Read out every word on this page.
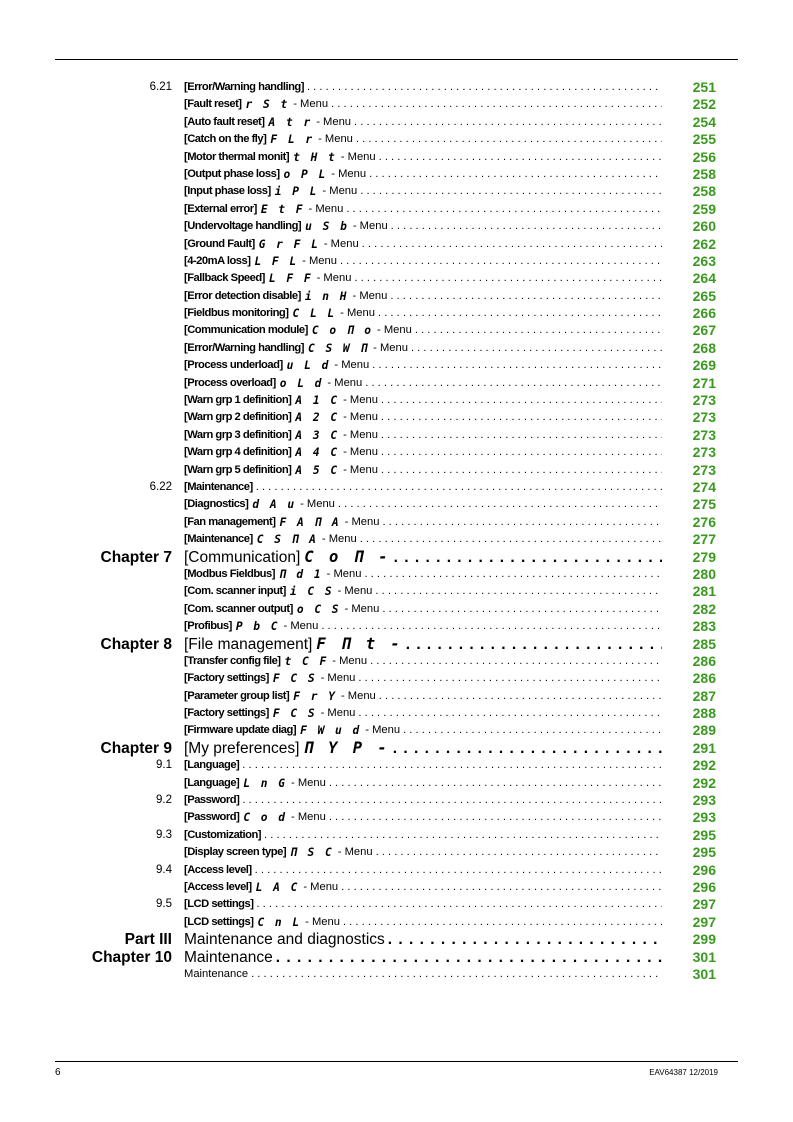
6.21 [Error/Warning handling] . . .	251
[Fault reset] r S t - Menu . . .	252
[Auto fault reset] A t r - Menu . . .	254
[Catch on the fly] F L r - Menu . . .	255
[Motor thermal monit] t H t - Menu . . .	256
[Output phase loss] o P L - Menu . . .	258
[Input phase loss] i P L - Menu . . .	258
[External error] E t F - Menu . . .	259
[Undervoltage handling] u S b - Menu . . .	260
[Ground Fault] G r F L - Menu . . .	262
[4-20mA loss] L F L - Menu . . .	263
[Fallback Speed] L F F - Menu . . .	264
[Error detection disable] i n H - Menu . . .	265
[Fieldbus monitoring] C L L - Menu . . .	266
[Communication module] C o П o - Menu . . .	267
[Error/Warning handling] C S W П - Menu . . .	268
[Process underload] u L d - Menu . . .	269
[Process overload] o L d - Menu . . .	271
[Warn grp 1 definition] A 1 C - Menu . . .	273
[Warn grp 2 definition] A 2 C - Menu . . .	273
[Warn grp 3 definition] A 3 C - Menu . . .	273
[Warn grp 4 definition] A 4 C - Menu . . .	273
[Warn grp 5 definition] A 5 C - Menu . . .	273
6.22 [Maintenance] . . .	274
[Diagnostics] d A u - Menu . . .	275
[Fan management] F A П A - Menu . . .	276
[Maintenance] C S П A - Menu . . .	277
Chapter 7 [Communication] C o П - . . .	279
[Modbus Fieldbus] П d 1 - Menu . . .	280
[Com. scanner input] i C S - Menu . . .	281
[Com. scanner output] o C S - Menu . . .	282
[Profibus] P b C - Menu . . .	283
Chapter 8 [File management] F П t - . . .	285
[Transfer config file] t C F - Menu . . .	286
[Factory settings] F C S - Menu . . .	286
[Parameter group list] F r Y - Menu . . .	287
[Factory settings] F C S - Menu . . .	288
[Firmware update diag] F W u d - Menu . . .	289
Chapter 9 [My preferences] П Y P - . . .	291
9.1 [Language] . . .	292
[Language] L n G - Menu . . .	292
9.2 [Password] . . .	293
[Password] C o d - Menu . . .	293
9.3 [Customization] . . .	295
[Display screen type] П S C - Menu . . .	295
9.4 [Access level] . . .	296
[Access level] L A C - Menu . . .	296
9.5 [LCD settings] . . .	297
[LCD settings] C n L - Menu . . .	297
Part III Maintenance and diagnostics . . .	299
Chapter 10 Maintenance . . .	301
Maintenance . . .	301
6	EAV64387 12/2019
